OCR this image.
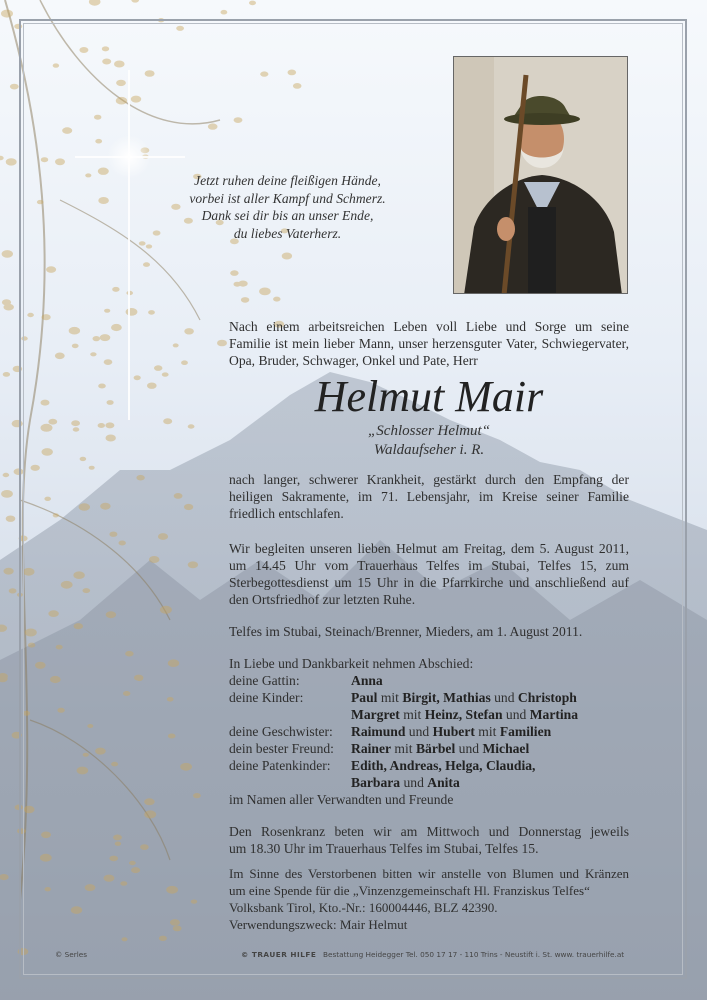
Jetzt ruhen deine fleißigen Hände,
vorbei ist aller Kampf und Schmerz.
Dank sei dir bis an unser Ende,
du liebes Vaterherz.
Nach einem arbeitsreichen Leben voll Liebe und Sorge um seine
Familie ist mein lieber Mann, unser herzensguter Vater, Schwiegervater,
Opa, Bruder, Schwager, Onkel und Pate, Herr
Helmut Mair
„Schlosser Helmut“
Waldaufseher i. R.
nach langer, schwerer Krankheit, gestärkt durch den Empfang der
heiligen Sakramente, im 71. Lebensjahr, im Kreise seiner Familie
friedlich entschlafen.
Wir begleiten unseren lieben Helmut am Freitag, dem 5. August 2011,
um 14.45 Uhr vom Trauerhaus Telfes im Stubai, Telfes 15, zum
Sterbegottesdienst um 15 Uhr in die Pfarrkirche und anschließend auf
den Ortsfriedhof zur letzten Ruhe.
Telfes im Stubai, Steinach/Brenner, Mieders, am 1. August 2011.
In Liebe und Dankbarkeit nehmen Abschied:
deine Gattin:	Anna
deine Kinder:	Paul mit Birgit, Mathias und Christoph
Margret mit Heinz, Stefan und Martina
deine Geschwister:	Raimund und Hubert mit Familien
dein bester Freund:	Rainer mit Bärbel und Michael
deine Patenkinder:	Edith, Andreas, Helga, Claudia,
Barbara und Anita
im Namen aller Verwandten und Freunde
Den Rosenkranz beten wir am Mittwoch und Donnerstag jeweils
um 18.30 Uhr im Trauerhaus Telfes im Stubai, Telfes 15.
Im Sinne des Verstorbenen bitten wir anstelle von Blumen und Kränzen
um eine Spende für die „Vinzenzgemeinschaft Hl. Franziskus Telfes“
Volksbank Tirol, Kto.-Nr.: 160004446, BLZ 42390.
Verwendungszweck: Mair Helmut
© Serles	© TRAUER HILFE Bestattung Heidegger Tel. 050 17 17 - 110 Trins - Neustift i. St. www. trauerhilfe.at
